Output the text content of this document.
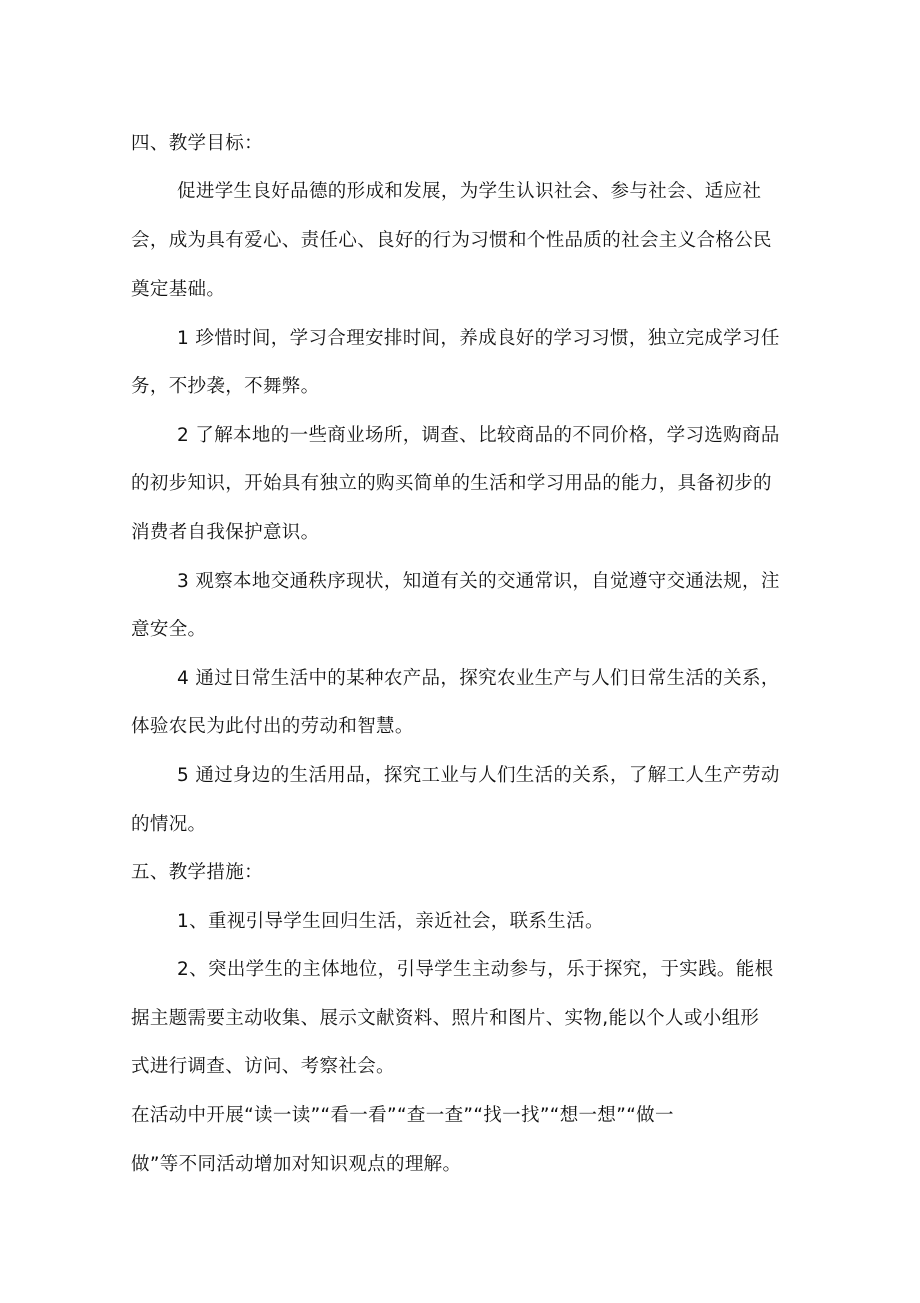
四、教学目标：
促进学生良好品德的形成和发展，为学生认识社会、参与社会、适应社
会，成为具有爱心、责任心、良好的行为习惯和个性品质的社会主义合格公民
奠定基础。
1 珍惜时间，学习合理安排时间，养成良好的学习习惯，独立完成学习任
务，不抄袭，不舞弊。
2 了解本地的一些商业场所，调查、比较商品的不同价格，学习选购商品
的初步知识，开始具有独立的购买简单的生活和学习用品的能力，具备初步的
消费者自我保护意识。
3 观察本地交通秩序现状，知道有关的交通常识，自觉遵守交通法规，注
意安全。
4 通过日常生活中的某种农产品，探究农业生产与人们日常生活的关系，
体验农民为此付出的劳动和智慧。
5 通过身边的生活用品，探究工业与人们生活的关系，了解工人生产劳动
的情况。
五、教学措施：
1、重视引导学生回归生活，亲近社会，联系生活。
2、突出学生的主体地位，引导学生主动参与，乐于探究，于实践。能根
据主题需要主动收集、展示文献资料、照片和图片、实物,能以个人或小组形
式进行调查、访问、考察社会。
在活动中开展“读一读”“看一看”“查一查”“找一找”“想一想”“做一
做”等不同活动增加对知识观点的理解。
